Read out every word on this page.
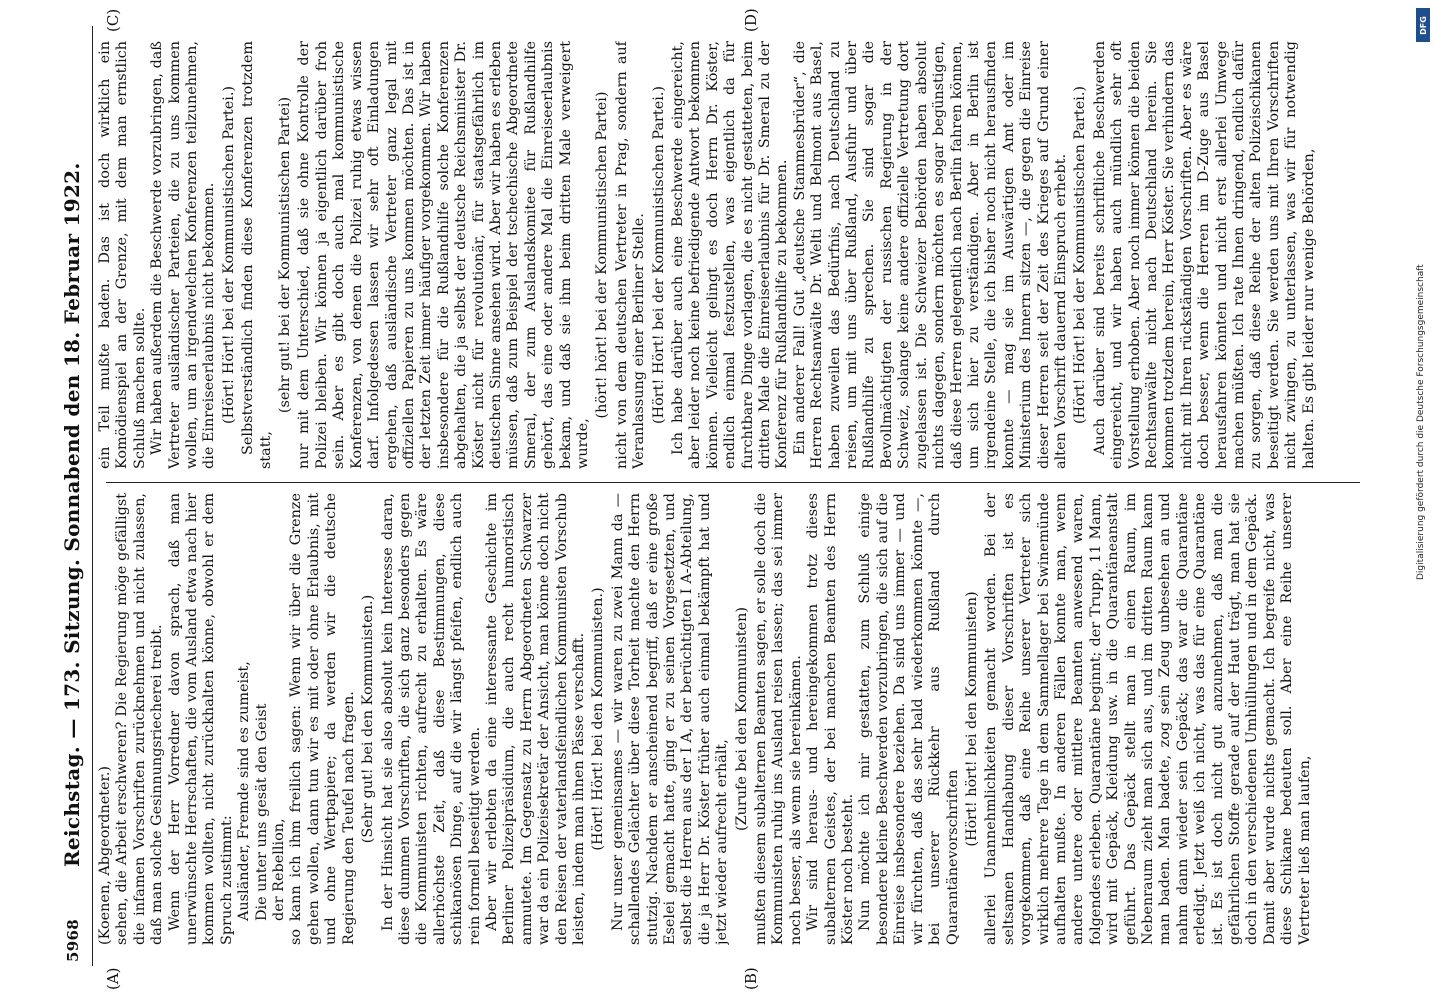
5968
Reichstag. — 173. Sitzung. Sonnabend den 18. Februar 1922.
(A)	(B)
(C)	(D)

(Koenen, Abgeordneter.) sehen, die Arbeit erschweren? Die Regierung möge gefälligst die infamen Vorschriften zurücknehmen und nicht zulassen, daß man solche Gesinnungsriecherei treibt. Wenn der Herr Vorredner davon sprach, daß man unerwünschte Herrschaften, die vom Ausland etwa nach hier kommen wollten, nicht zurückhalten könne, obwohl er dem Spruch zustimmt: Ausländer, Fremde sind es zumeist, Die unter uns gesät den Geist der Rebellion, so kann ich ihm freilich sagen: Wenn wir über die Grenze gehen wollen, dann tun wir es mit oder ohne Erlaubnis, mit und ohne Wertpapiere; da werden wir die deutsche Regierung den Teufel nach fragen. (Sehr gut! bei den Kommunisten.) In der Hinsicht hat sie also absolut kein Interesse daran, diese dummen Vorschriften, die sich ganz besonders gegen die Kommunisten richten, aufrecht zu erhalten. Es wäre allerhöchste Zeit, daß diese Bestimmungen, diese schikanösen Dinge, auf die wir längst pfeifen, endlich auch rein formell beseitigt werden. Aber wir erlebten da eine interessante Geschichte im Berliner Polizeipräsidium, die auch recht humoristisch anmutete. Im Gegensatz zu Herrn Abgeordneten Schwarzer war da ein Polizeisekretär der Ansicht, man könne doch nicht den Reisen der vaterlandsfeindlichen Kommunisten Vorschub leisten, indem man ihnen Pässe verschafft. (Hört! Hört! bei den Kommunisten.) Nur unser gemeinsames — wir waren zu zwei Mann da — schallendes Gelächter über diese Torheit machte den Herrn stutzig. Nachdem er anscheinend begriff, daß er eine große Eselei gemacht hatte, ging er zu seinen Vorgesetzten, und selbst die Herren aus der I A, der berüchtigten I A-Abteilung, die ja Herr Dr. Köster früher auch einmal bekämpft hat und jetzt wieder aufrecht erhält,

(Zurufe bei den Kommunisten) mußten diesem subalternen Beamten sagen, er solle doch die Kommunisten ruhig ins Ausland reisen lassen; das sei immer noch besser, als wenn sie hereinkämen. Wir sind heraus- und hereingekommen trotz dieses subalternen Geistes, der bei manchen Beamten des Herrn Köster noch besteht. Nun möchte ich mir gestatten, zum Schluß einige besondere kleine Beschwerden vorzubringen, die sich auf die Einreise insbesondere beziehen. Da sind uns immer — und wir fürchten, daß das sehr bald wiederkommen könnte —, bei unserer Rückkehr aus Rußland durch Quarantänevorschriften

(Hört! hört! bei den Kommunisten) allerlei Unannehmlichkeiten gemacht worden. Bei der seltsamen Handhabung dieser Vorschriften ist es vorgekommen, daß eine Reihe unserer Vertreter sich wirklich mehrere Tage in dem Sammellager bei Swinemünde aufhalten mußte. In anderen Fällen konnte man, wenn andere untere oder mittlere Beamten anwesend waren, folgendes erleben. Quarantäne beginnt; der Trupp, 11 Mann, wird mit Gepäck, Kleidung usw. in die Quarantäneanstalt geführt. Das Gepäck stellt man in einen Raum, im Nebenraum zieht man sich aus, und im dritten Raum kann man baden. Man badete, zog sein Zeug unbesehen an und nahm dann wieder sein Gepäck; das war die Quarantäne erledigt. Jetzt weiß ich nicht, was das für eine Quarantäne ist. Es ist doch nicht gut anzunehmen, daß man die gefährlichen Stoffe gerade auf der Haut trägt, man hat sie doch in den verschiedenen Umhüllungen und in dem Gepäck. Damit aber wurde nichts gemacht. Ich begreife nicht, was diese Schikane bedeuten soll. Aber eine Reihe unserer Vertreter ließ man laufen,

ein Teil mußte baden. Das ist doch wirklich ein Komödienspiel an der Grenze, mit dem man ernstlich Schluß machen sollte. Wir haben außerdem die Beschwerde vorzubringen, daß Vertreter ausländischer Parteien, die zu uns kommen wollen, um an irgendwelchen Konferenzen teilzunehmen, die Einreiseerlaubnis nicht bekommen. (Hört! Hört! bei der Kommunistischen Partei.) Selbstverständlich finden diese Konferenzen trotzdem statt,

(sehr gut! bei der Kommunistischen Partei) nur mit dem Unterschied, daß sie ohne Kontrolle der Polizei bleiben. Wir können ja eigentlich darüber froh sein. Aber es gibt doch auch mal kommunistische Konferenzen, von denen die Polizei ruhig etwas wissen darf. Infolgedessen lassen wir sehr oft Einladungen ergehen, daß ausländische Vertreter ganz legal mit offiziellen Papieren zu uns kommen möchten. Das ist in der letzten Zeit immer häufiger vorgekommen. Wir haben insbesondere für die Rußlandhilfe solche Konferenzen abgehalten, die ja selbst der deutsche Reichsminister Dr. Köster nicht für revolutionär, für staatsgefährlich im deutschen Sinne ansehen wird. Aber wir haben es erleben müssen, daß zum Beispiel der tschechische Abgeordnete Smeral, der zum Auslandskomitee für Rußlandhilfe gehört, das eine oder andere Mal die Einreiseerlaubnis bekam, und daß sie ihm beim dritten Male verweigert wurde,

(hört! hört! bei der Kommunistischen Partei) nicht von dem deutschen Vertreter in Prag, sondern auf Veranlassung einer Berliner Stelle. (Hört! Hört! bei der Kommunistischen Partei.) Ich habe darüber auch eine Beschwerde eingereicht, aber leider noch keine befriedigende Antwort bekommen können. Vielleicht gelingt es doch Herrn Dr. Köster, endlich einmal festzustellen, was eigentlich da für furchtbare Dinge vorlagen, die es nicht gestatteten, beim dritten Male die Einreiseerlaubnis für Dr. Smeral zu der Konferenz für Rußlandhilfe zu bekommen. Ein anderer Fall! Gut „deutsche Stammesbrüder“, die Herren Rechtsanwälte Dr. Welti und Belmont aus Basel, haben zuweilen das Bedürfnis, nach Deutschland zu reisen, um mit uns über Rußland, Ausfuhr und über Rußlandhilfe zu sprechen. Sie sind sogar die Bevollmächtigten der russischen Regierung in der Schweiz, solange keine andere offizielle Vertretung dort zugelassen ist. Die Schweizer Behörden haben absolut nichts dagegen, sondern möchten es sogar begünstigen, daß diese Herren gelegentlich nach Berlin fahren können, um sich hier zu verständigen. Aber in Berlin ist irgendeine Stelle, die ich bisher noch nicht herausfinden konnte — mag sie im Auswärtigen Amt oder im Ministerium des Innern sitzen —, die gegen die Einreise dieser Herren seit der Zeit des Krieges auf Grund einer alten Vorschrift dauernd Einspruch erhebt. (Hört! Hört! bei der Kommunistischen Partei.) Auch darüber sind bereits schriftliche Beschwerden eingereicht, und wir haben auch mündlich sehr oft Vorstellung erhoben. Aber noch immer können die beiden Rechtsanwälte nicht nach Deutschland herein. Sie kommen trotzdem herein, Herr Köster. Sie verhindern das nicht mit Ihren rückständigen Vorschriften. Aber es wäre doch besser, wenn die Herren im D-Zuge aus Basel herausfahren könnten und nicht erst allerlei Umwege machen müßten. Ich rate Ihnen dringend, endlich dafür zu sorgen, daß diese Reihe der alten Polizeischikanen beseitigt werden. Sie werden uns mit Ihren Vorschriften nicht zwingen, zu unterlassen, was wir für notwendig halten. Es gibt leider nur wenige Behörden,

DFG
Digitalisierung gefördert durch die Deutsche Forschungsgemeinschaft
